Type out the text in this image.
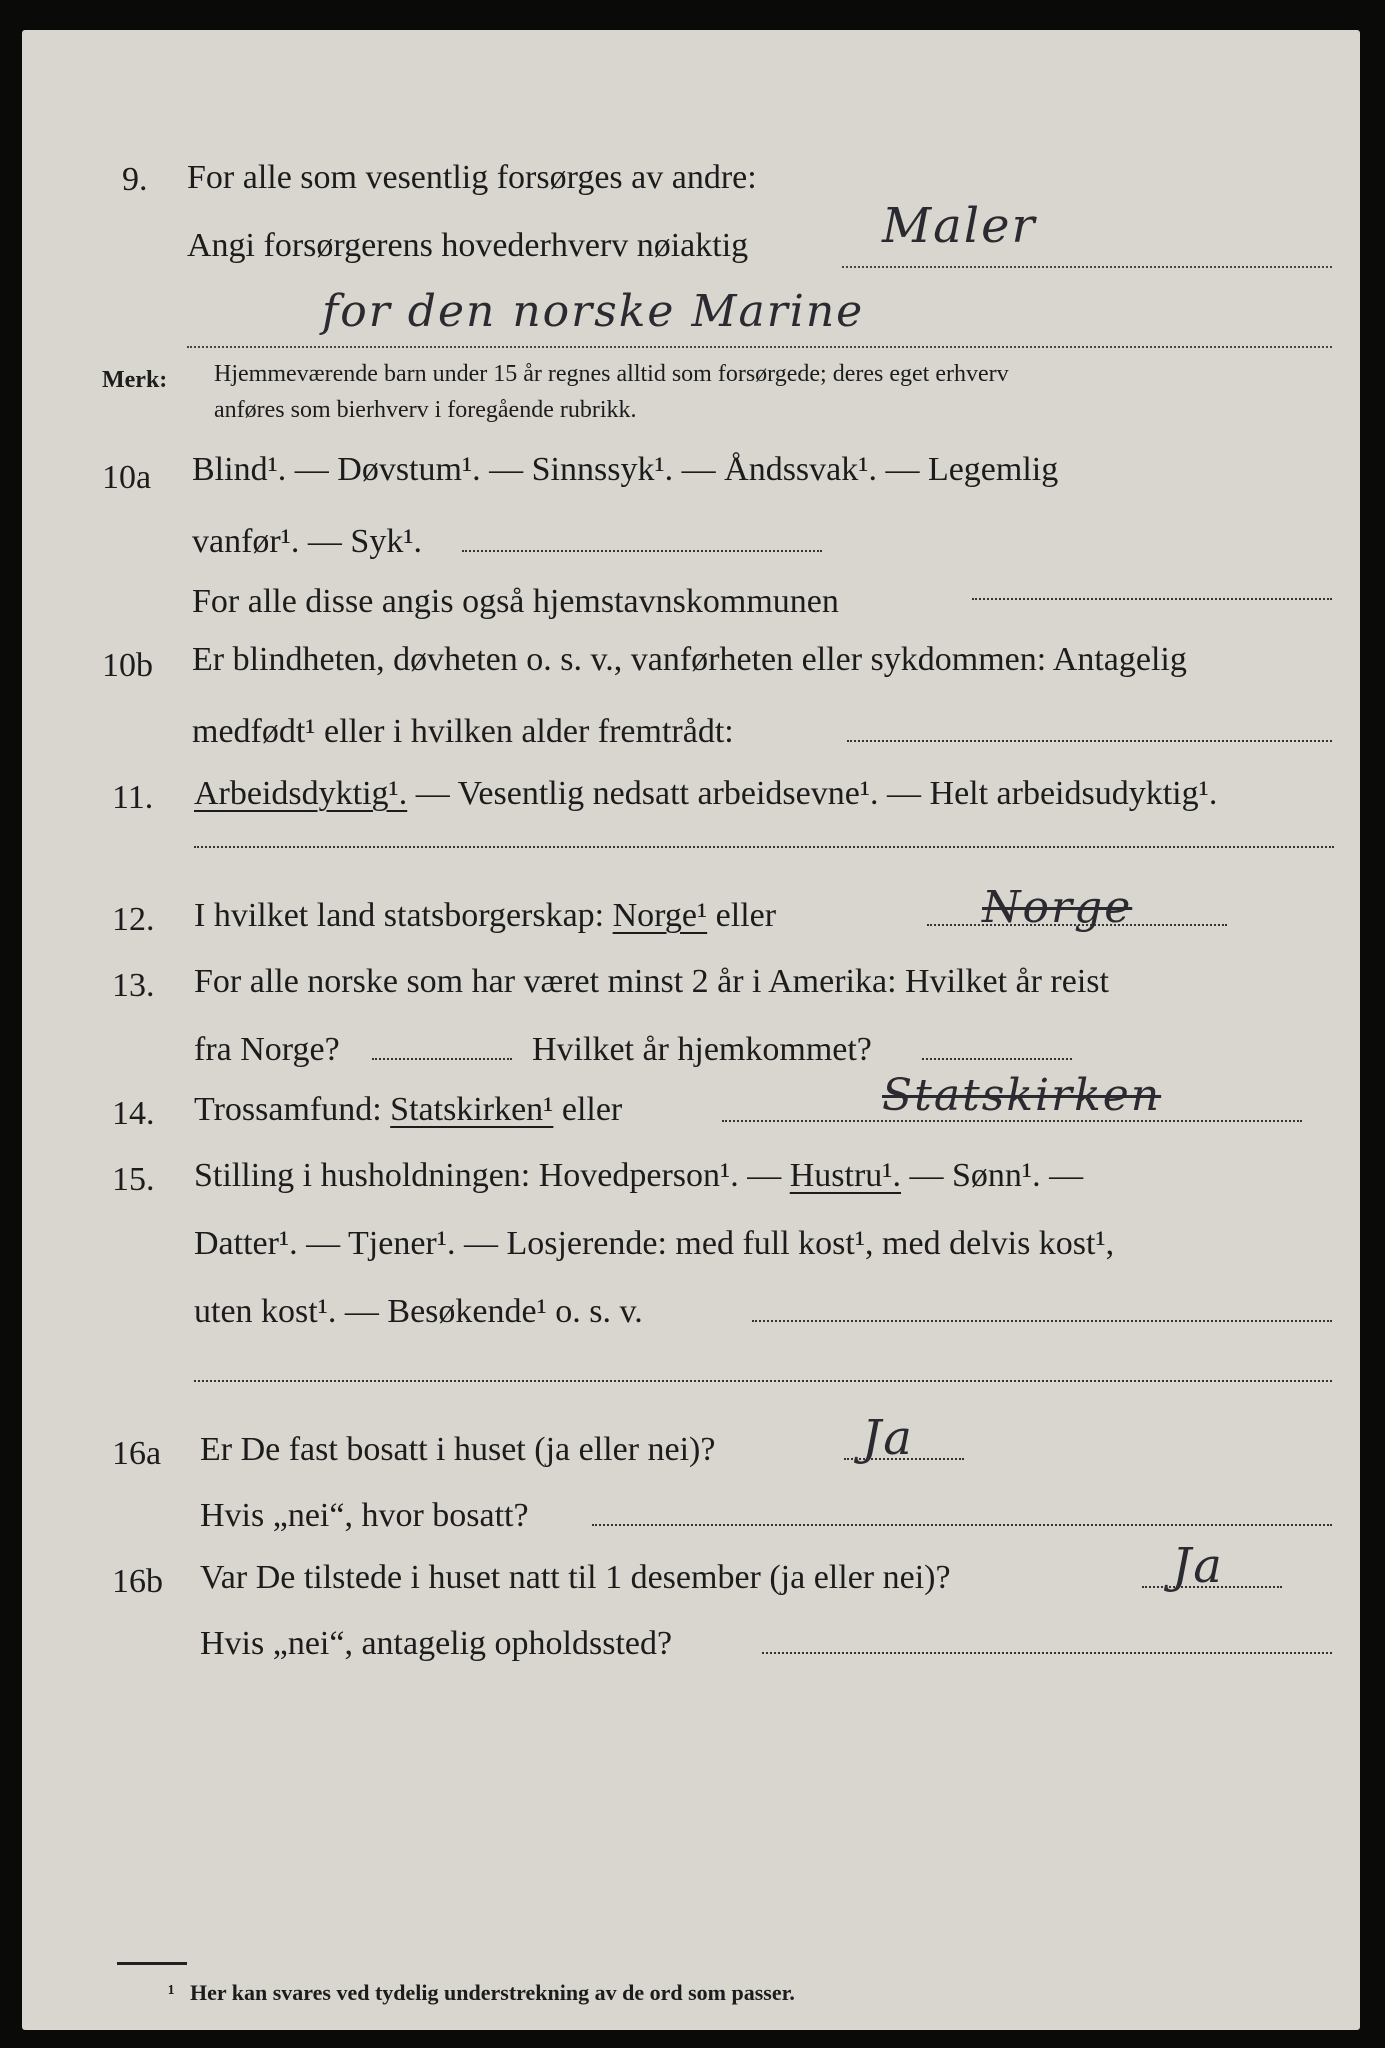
9. For alle som vesentlig forsørges av andre:
Angi forsørgerens hovederhverv nøiaktig	Maler
for den norske Marine
Merk: Hjemmeværende barn under 15 år regnes alltid som forsørgede; deres eget erhverv
anføres som bierhverv i foregående rubrikk.
10a Blind¹. — Døvstum¹. — Sinnssyk¹. — Åndssvak¹. — Legemlig
vanfør¹. — Syk¹.
For alle disse angis også hjemstavnskommunen
10b Er blindheten, døvheten o. s. v., vanførheten eller sykdommen: Antagelig
medfødt¹ eller i hvilken alder fremtrådt:
11. Arbeidsdyktig¹. — Vesentlig nedsatt arbeidsevne¹. — Helt arbeidsudyktig¹.
12. I hvilket land statsborgerskap: Norge¹ eller	Norge
13. For alle norske som har været minst 2 år i Amerika: Hvilket år reist
fra Norge?	Hvilket år hjemkommet?
14. Trossamfund: Statskirken¹ eller	Statskirken
15. Stilling i husholdningen: Hovedperson¹. — Hustru¹. — Sønn¹. —
Datter¹. — Tjener¹. — Losjerende: med full kost¹, med delvis kost¹,
uten kost¹. — Besøkende¹ o. s. v.
16a Er De fast bosatt i huset (ja eller nei)?	Ja
Hvis „nei“, hvor bosatt?
16b Var De tilstede i huset natt til 1 desember (ja eller nei)?	Ja
Hvis „nei“, antagelig opholdssted?
¹ Her kan svares ved tydelig understrekning av de ord som passer.
